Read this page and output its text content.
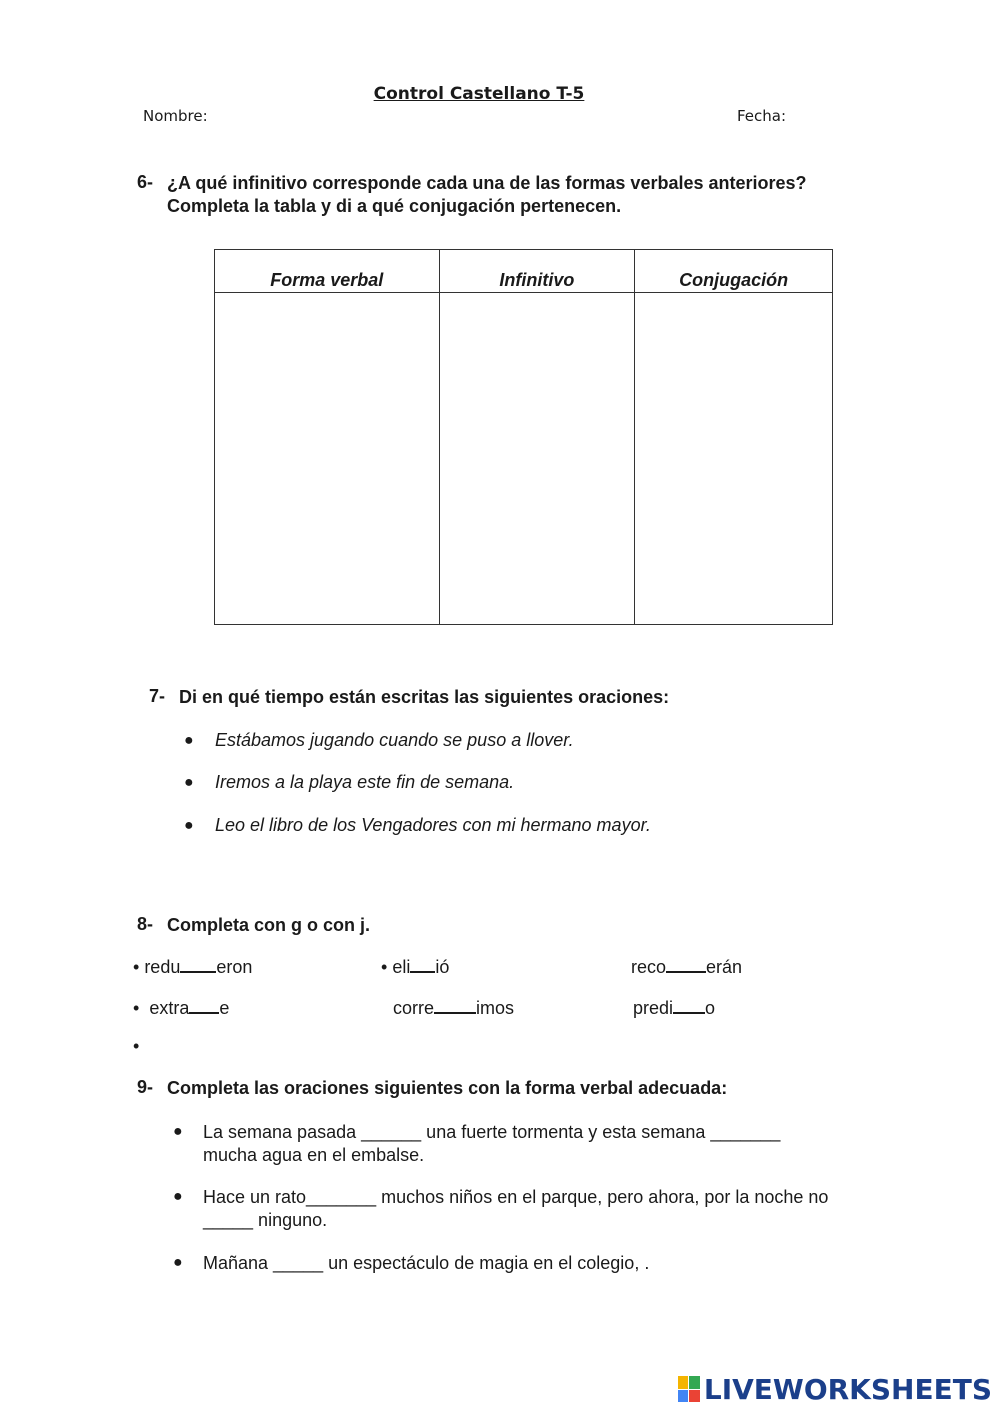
Control Castellano T-5
Nombre:	Fecha:
6- ¿A qué infinitivo corresponde cada una de las formas verbales anteriores?
Completa la tabla y di a qué conjugación pertenecen.
Forma verbal	Infinitivo	Conjugación

7- Di en qué tiempo están escritas las siguientes oraciones:
● Estábamos jugando cuando se puso a llover.
● Iremos a la playa este fin de semana.
● Leo el libro de los Vengadores con mi hermano mayor.
8- Completa con g o con j.
• redu eron	• eli ió	reco erán
•  extra e	corre imos	predi o
•
9- Completa las oraciones siguientes con la forma verbal adecuada:
● La semana pasada ______ una fuerte tormenta y esta semana _______
mucha agua en el embalse.
● Hace un rato_______ muchos niños en el parque, pero ahora, por la noche no
_____ ninguno.
● Mañana _____ un espectáculo de magia en el colegio, .
LIVEWORKSHEETS
